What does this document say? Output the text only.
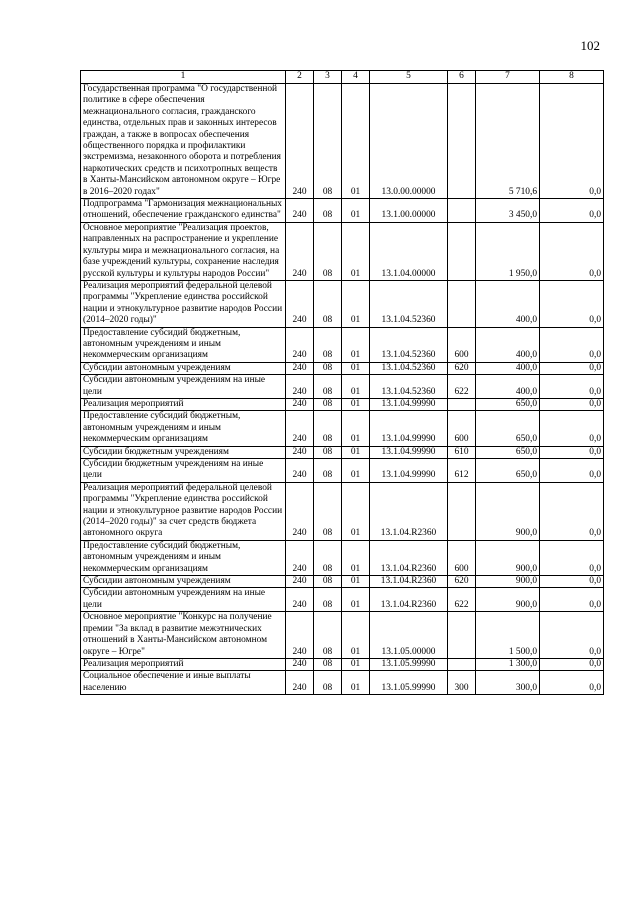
102
1	2	3	4	5	6	7	8
Государственная программа "О государственной политике в сфере обеспечения межнационального согласия, гражданского единства, отдельных прав и законных интересов граждан, а также в вопросах обеспечения общественного порядка и профилактики экстремизма, незаконного оборота и потребления наркотических средств и психотропных веществ в Ханты-Мансийском автономном округе – Югре в 2016–2020 годах"	240	08	01	13.0.00.00000		5 710,6	0,0
Подпрограмма "Гармонизация межнациональных отношений, обеспечение гражданского единства"	240	08	01	13.1.00.00000		3 450,0	0,0
Основное мероприятие "Реализация проектов, направленных на распространение и укрепление культуры мира и межнационального согласия, на базе учреждений культуры, сохранение наследия русской культуры и культуры народов России"	240	08	01	13.1.04.00000		1 950,0	0,0
Реализация мероприятий федеральной целевой программы "Укрепление единства российской нации и этнокультурное развитие народов России (2014–2020 годы)"	240	08	01	13.1.04.52360		400,0	0,0
Предоставление субсидий бюджетным, автономным учреждениям и иным некоммерческим организациям	240	08	01	13.1.04.52360	600	400,0	0,0
Субсидии автономным учреждениям	240	08	01	13.1.04.52360	620	400,0	0,0
Субсидии автономным учреждениям на иные цели	240	08	01	13.1.04.52360	622	400,0	0,0
Реализация мероприятий	240	08	01	13.1.04.99990		650,0	0,0
Предоставление субсидий бюджетным, автономным учреждениям и иным некоммерческим организациям	240	08	01	13.1.04.99990	600	650,0	0,0
Субсидии бюджетным учреждениям	240	08	01	13.1.04.99990	610	650,0	0,0
Субсидии бюджетным учреждениям на иные цели	240	08	01	13.1.04.99990	612	650,0	0,0
Реализация мероприятий федеральной целевой программы "Укрепление единства российской нации и этнокультурное развитие народов России (2014–2020 годы)" за счет средств бюджета автономного округа	240	08	01	13.1.04.R2360		900,0	0,0
Предоставление субсидий бюджетным, автономным учреждениям и иным некоммерческим организациям	240	08	01	13.1.04.R2360	600	900,0	0,0
Субсидии автономным учреждениям	240	08	01	13.1.04.R2360	620	900,0	0,0
Субсидии автономным учреждениям на иные цели	240	08	01	13.1.04.R2360	622	900,0	0,0
Основное мероприятие "Конкурс на получение премии "За вклад в развитие межэтнических отношений в Ханты-Мансийском автономном округе – Югре"	240	08	01	13.1.05.00000		1 500,0	0,0
Реализация мероприятий	240	08	01	13.1.05.99990		1 300,0	0,0
Социальное обеспечение и иные выплаты населению	240	08	01	13.1.05.99990	300	300,0	0,0
